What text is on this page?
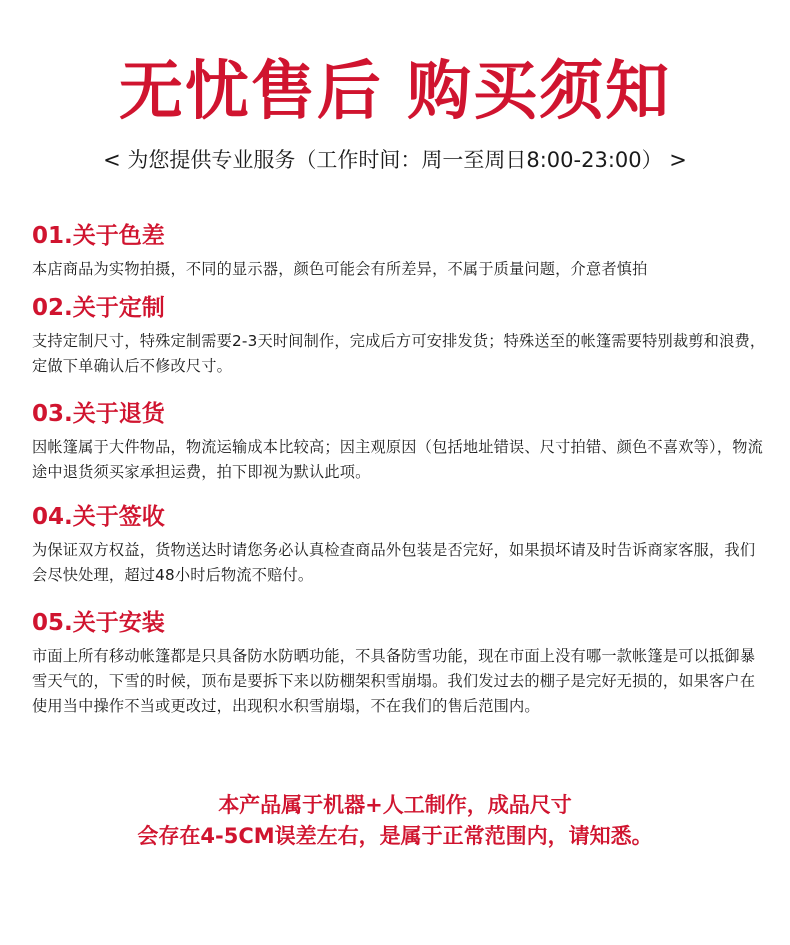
无忧售后 购买须知
< 为您提供专业服务（工作时间：周一至周日8:00-23:00） >
01.关于色差
本店商品为实物拍摄，不同的显示器，颜色可能会有所差异，不属于质量问题，介意者慎拍
02.关于定制
支持定制尺寸，特殊定制需要2-3天时间制作，完成后方可安排发货；特殊送至的帐篷需要特别裁剪和浪费，定做下单确认后不修改尺寸。
03.关于退货
因帐篷属于大件物品，物流运输成本比较高；因主观原因（包括地址错误、尺寸拍错、颜色不喜欢等），物流途中退货须买家承担运费，拍下即视为默认此项。
04.关于签收
为保证双方权益，货物送达时请您务必认真检查商品外包装是否完好，如果损坏请及时告诉商家客服，我们会尽快处理，超过48小时后物流不赔付。
05.关于安装
市面上所有移动帐篷都是只具备防水防晒功能，不具备防雪功能，现在市面上没有哪一款帐篷是可以抵御暴雪天气的，下雪的时候，顶布是要拆下来以防棚架积雪崩塌。我们发过去的棚子是完好无损的，如果客户在使用当中操作不当或更改过，出现积水积雪崩塌，不在我们的售后范围内。
本产品属于机器+人工制作，成品尺寸
会存在4-5CM误差左右，是属于正常范围内，请知悉。
